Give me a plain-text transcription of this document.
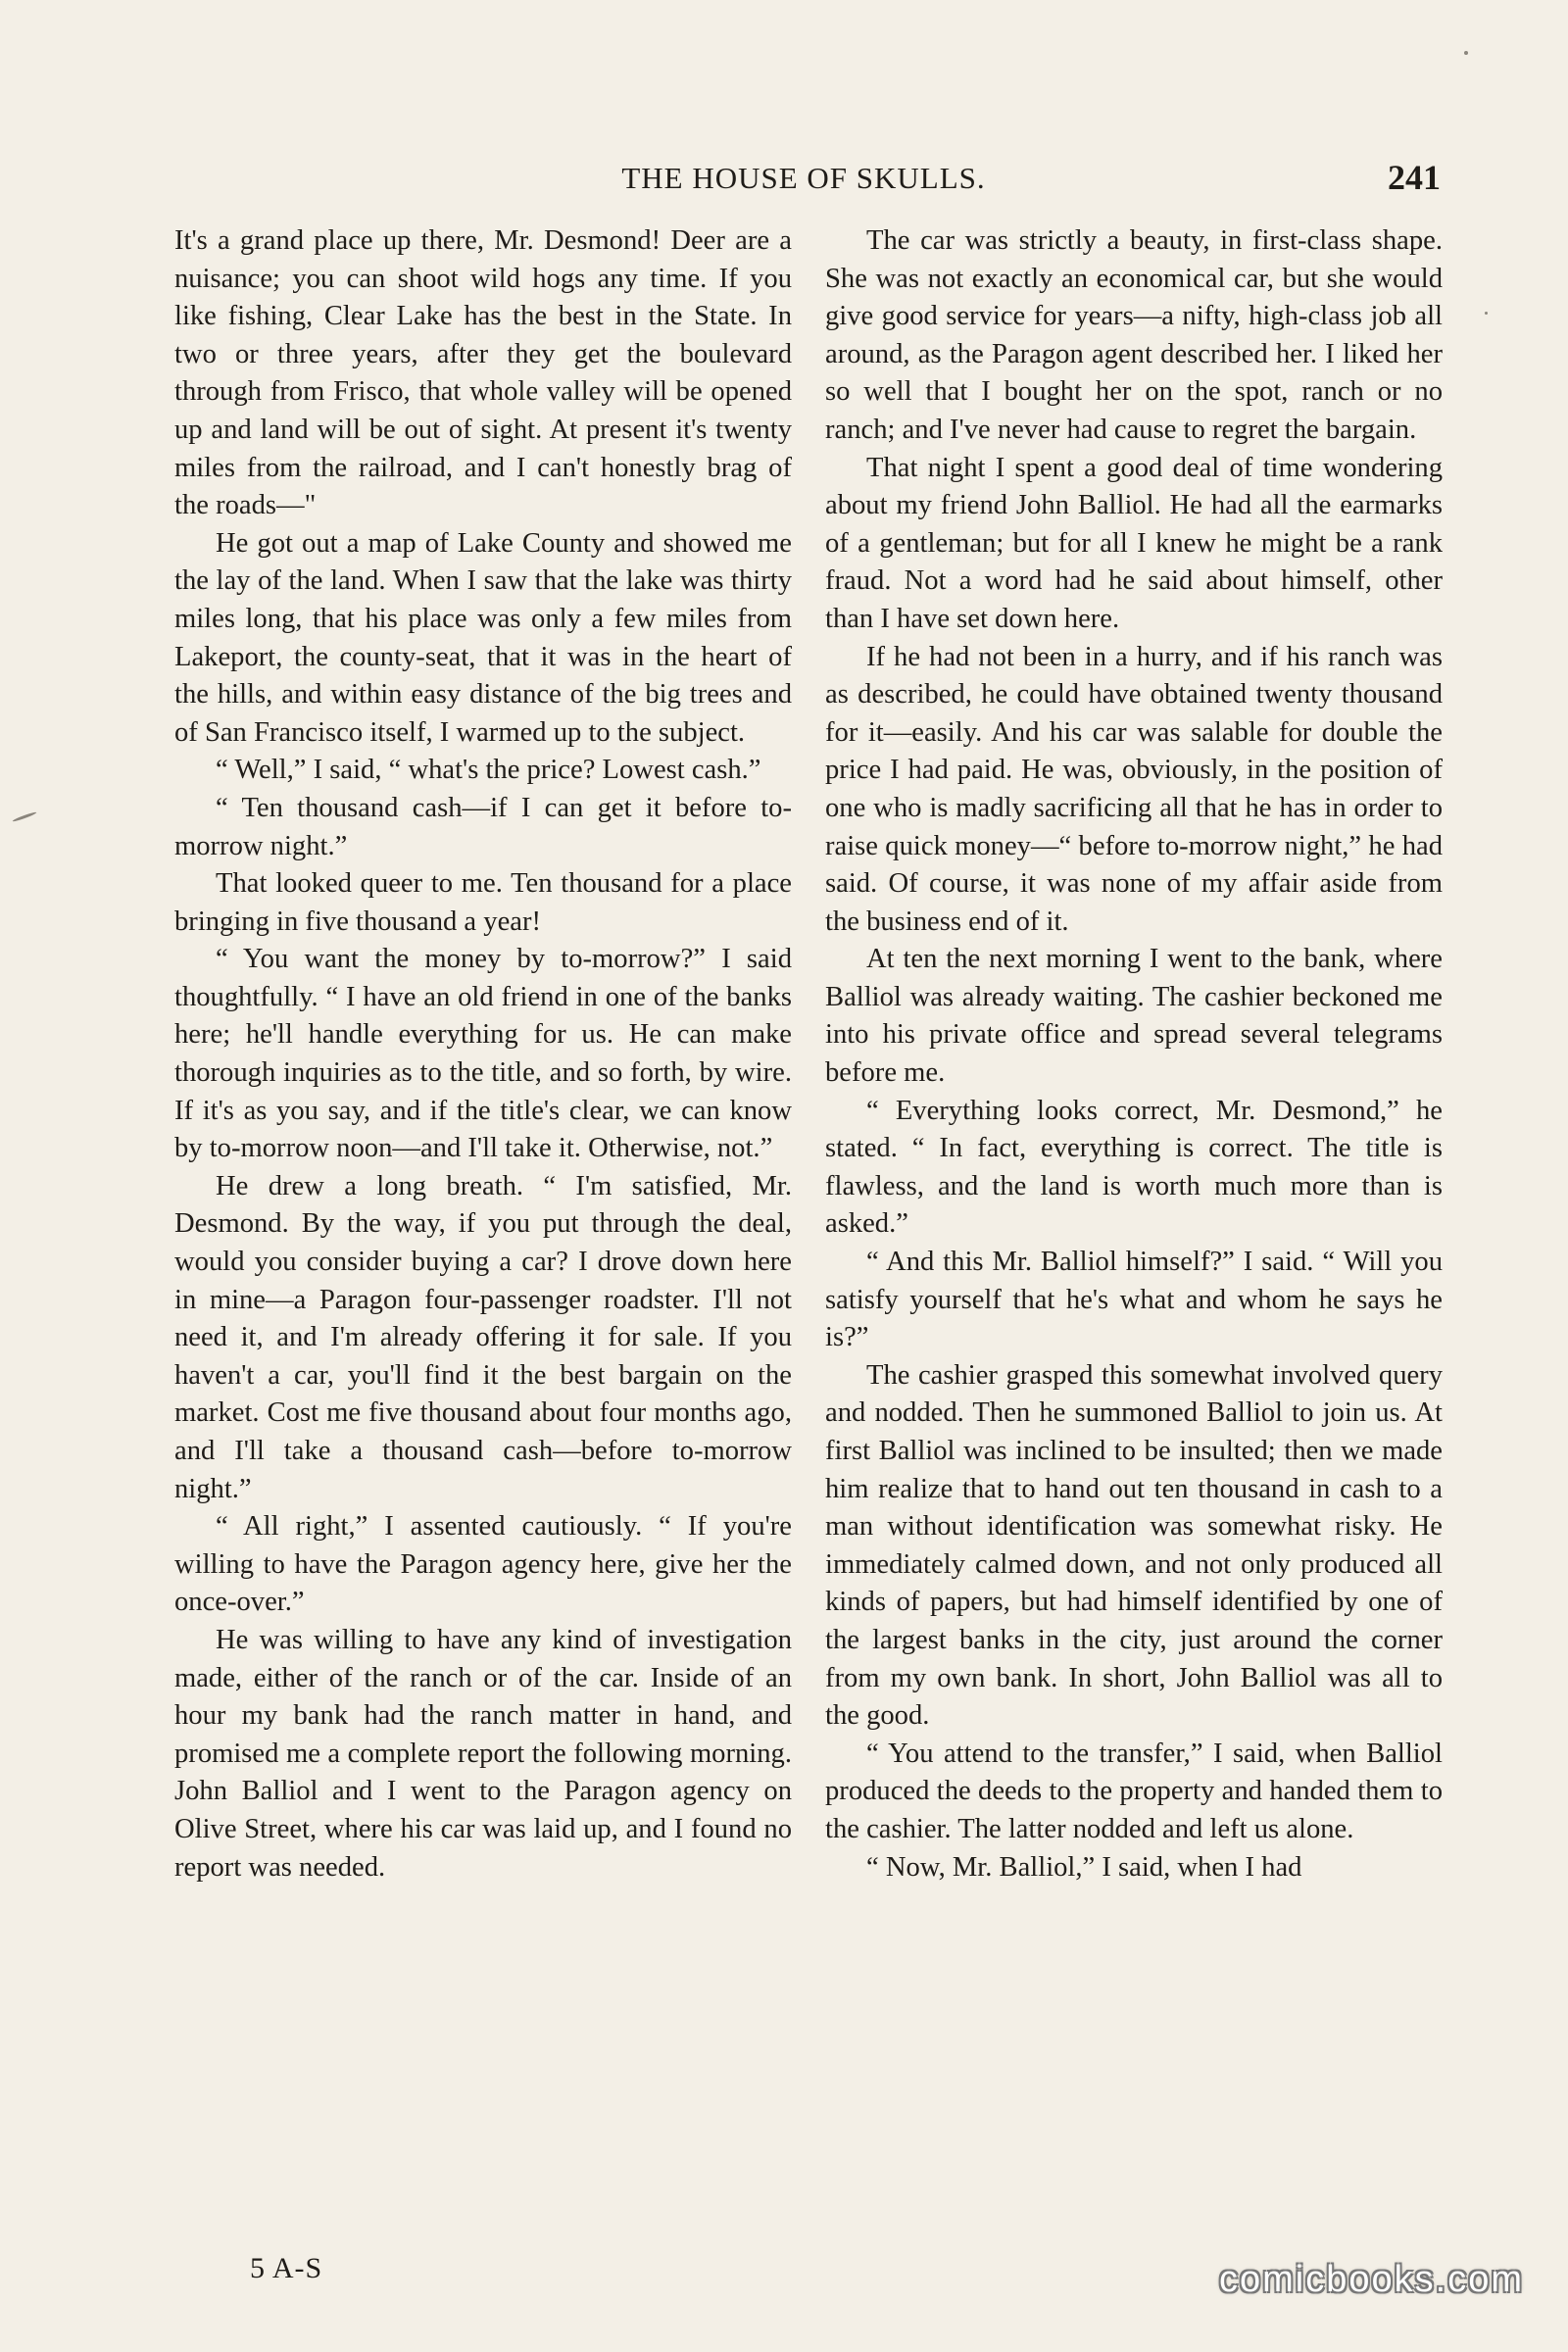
THE HOUSE OF SKULLS.	241

It's a grand place up there, Mr. Desmond! Deer are a nuisance; you can shoot wild hogs any time. If you like fishing, Clear Lake has the best in the State. In two or three years, after they get the boulevard through from Frisco, that whole valley will be opened up and land will be out of sight. At present it's twenty miles from the railroad, and I can't honestly brag of the roads—"

He got out a map of Lake County and showed me the lay of the land. When I saw that the lake was thirty miles long, that his place was only a few miles from Lakeport, the county-seat, that it was in the heart of the hills, and within easy distance of the big trees and of San Francisco itself, I warmed up to the subject.

“ Well,” I said, “ what's the price? Lowest cash.”

“ Ten thousand cash—if I can get it before to-morrow night.”

That looked queer to me. Ten thousand for a place bringing in five thousand a year!

“ You want the money by to-morrow?” I said thoughtfully. “ I have an old friend in one of the banks here; he'll handle everything for us. He can make thorough inquiries as to the title, and so forth, by wire. If it's as you say, and if the title's clear, we can know by to-morrow noon—and I'll take it. Otherwise, not.”

He drew a long breath. “ I'm satisfied, Mr. Desmond. By the way, if you put through the deal, would you consider buying a car? I drove down here in mine—a Paragon four-passenger roadster. I'll not need it, and I'm already offering it for sale. If you haven't a car, you'll find it the best bargain on the market. Cost me five thousand about four months ago, and I'll take a thousand cash—before to-morrow night.”

“ All right,” I assented cautiously. “ If you're willing to have the Paragon agency here, give her the once-over.”

He was willing to have any kind of investigation made, either of the ranch or of the car. Inside of an hour my bank had the ranch matter in hand, and promised me a complete report the following morning. John Balliol and I went to the Paragon agency on Olive Street, where his car was laid up, and I found no report was needed.

The car was strictly a beauty, in first-class shape. She was not exactly an economical car, but she would give good service for years—a nifty, high-class job all around, as the Paragon agent described her. I liked her so well that I bought her on the spot, ranch or no ranch; and I've never had cause to regret the bargain.

That night I spent a good deal of time wondering about my friend John Balliol. He had all the earmarks of a gentleman; but for all I knew he might be a rank fraud. Not a word had he said about himself, other than I have set down here.

If he had not been in a hurry, and if his ranch was as described, he could have obtained twenty thousand for it—easily. And his car was salable for double the price I had paid. He was, obviously, in the position of one who is madly sacrificing all that he has in order to raise quick money—“ before to-morrow night,” he had said. Of course, it was none of my affair aside from the business end of it.

At ten the next morning I went to the bank, where Balliol was already waiting. The cashier beckoned me into his private office and spread several telegrams before me.

“ Everything looks correct, Mr. Desmond,” he stated. “ In fact, everything is correct. The title is flawless, and the land is worth much more than is asked.”

“ And this Mr. Balliol himself?” I said. “ Will you satisfy yourself that he's what and whom he says he is?”

The cashier grasped this somewhat involved query and nodded. Then he summoned Balliol to join us. At first Balliol was inclined to be insulted; then we made him realize that to hand out ten thousand in cash to a man without identification was somewhat risky. He immediately calmed down, and not only produced all kinds of papers, but had himself identified by one of the largest banks in the city, just around the corner from my own bank. In short, John Balliol was all to the good.

“ You attend to the transfer,” I said, when Balliol produced the deeds to the property and handed them to the cashier. The latter nodded and left us alone.

“ Now, Mr. Balliol,” I said, when I had

5 A-S	comicbooks.com
